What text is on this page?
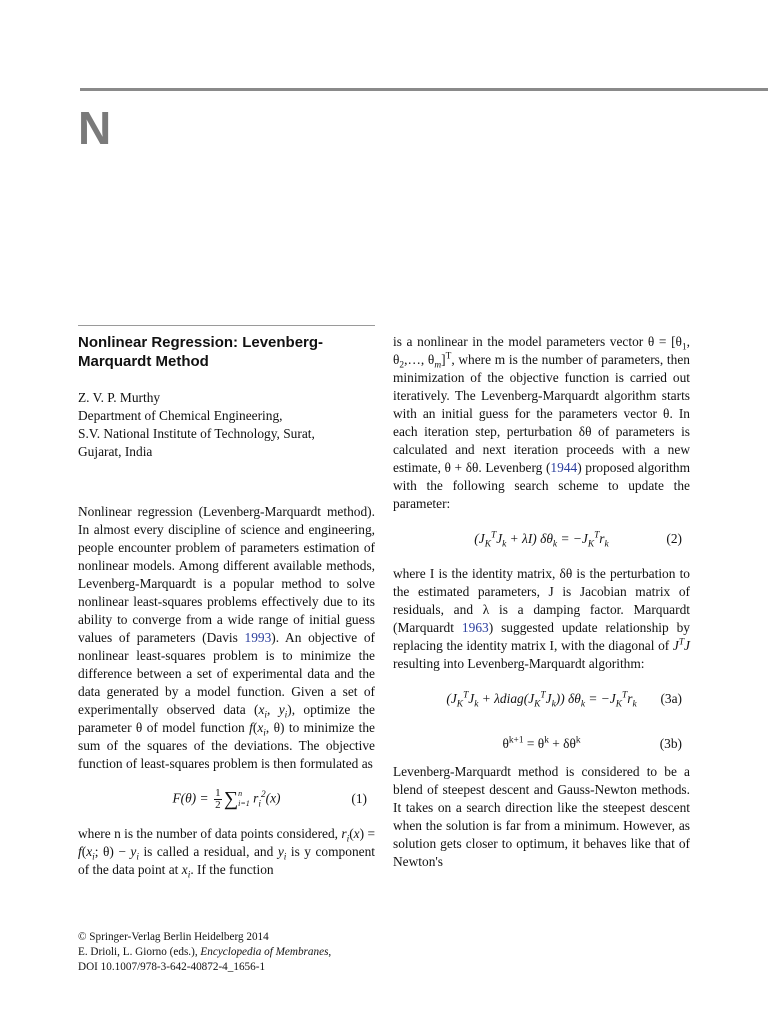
N
Nonlinear Regression: Levenberg-Marquardt Method
Z. V. P. Murthy
Department of Chemical Engineering,
S.V. National Institute of Technology, Surat,
Gujarat, India

Nonlinear regression (Levenberg-Marquardt method). In almost every discipline of science and engineering, people encounter problem of parameters estimation of nonlinear models. Among different available methods, Levenberg-Marquardt is a popular method to solve nonlinear least-squares problems effectively due to its ability to converge from a wide range of initial guess values of parameters (Davis 1993). An objective of nonlinear least-squares problem is to minimize the difference between a set of experimental data and the data generated by a model function. Given a set of experimentally observed data ($x_i$, $y_i$), optimize the parameter θ of model function $f(x_i$, θ) to minimize the sum of the squares of the deviations. The objective function of least-squares problem is then formulated as

$F(\theta) = \frac{1}{2}$ ∑ n
i=1 $r_i^2(x)$	(1)

where n is the number of data points considered, $r_i(x) = f(x_i$; $\theta) - y_i$ is called a residual, and $y_i$ is y component of the data point at $x_i$. If the function

is a nonlinear in the model parameters vector $\theta = [\theta_1$, $\theta_2,\dots$, $\theta_m]^T$, where m is the number of parameters, then minimization of the objective function is carried out iteratively. The Levenberg-Marquardt algorithm starts with an initial guess for the parameters vector θ. In each iteration step, perturbation δθ of parameters is calculated and next iteration proceeds with a new estimate, θ + δθ. Levenberg (1944) proposed algorithm with the following search scheme to update the parameter:

$(J_K^TJ_k + \lambda I) \delta\theta_k = -J_K^Tr_k$	(2)

where I is the identity matrix, δθ is the perturbation to the estimated parameters, J is Jacobian matrix of residuals, and λ is a damping factor. Marquardt (Marquardt 1963) suggested update relationship by replacing the identity matrix I, with the diagonal of $J^TJ$ resulting into Levenberg-Marquardt algorithm:

($J_K^TJ_k$ + $\lambda diag(J_K^TJ_k)$) $\delta\theta_k = -J_K^Tr_k$ (3a)
$\theta^{k+1} = \theta^k + \delta\theta^k$	(3b)

Levenberg-Marquardt method is considered to be a blend of steepest descent and Gauss-Newton methods. It takes on a search direction like the steepest descent when the solution is far from a minimum. However, as solution gets closer to optimum, it behaves like that of Newton's

© Springer-Verlag Berlin Heidelberg 2014
E. Drioli, L. Giorno (eds.), Encyclopedia of Membranes,
DOI 10.1007/978-3-642-40872-4_1656-1
